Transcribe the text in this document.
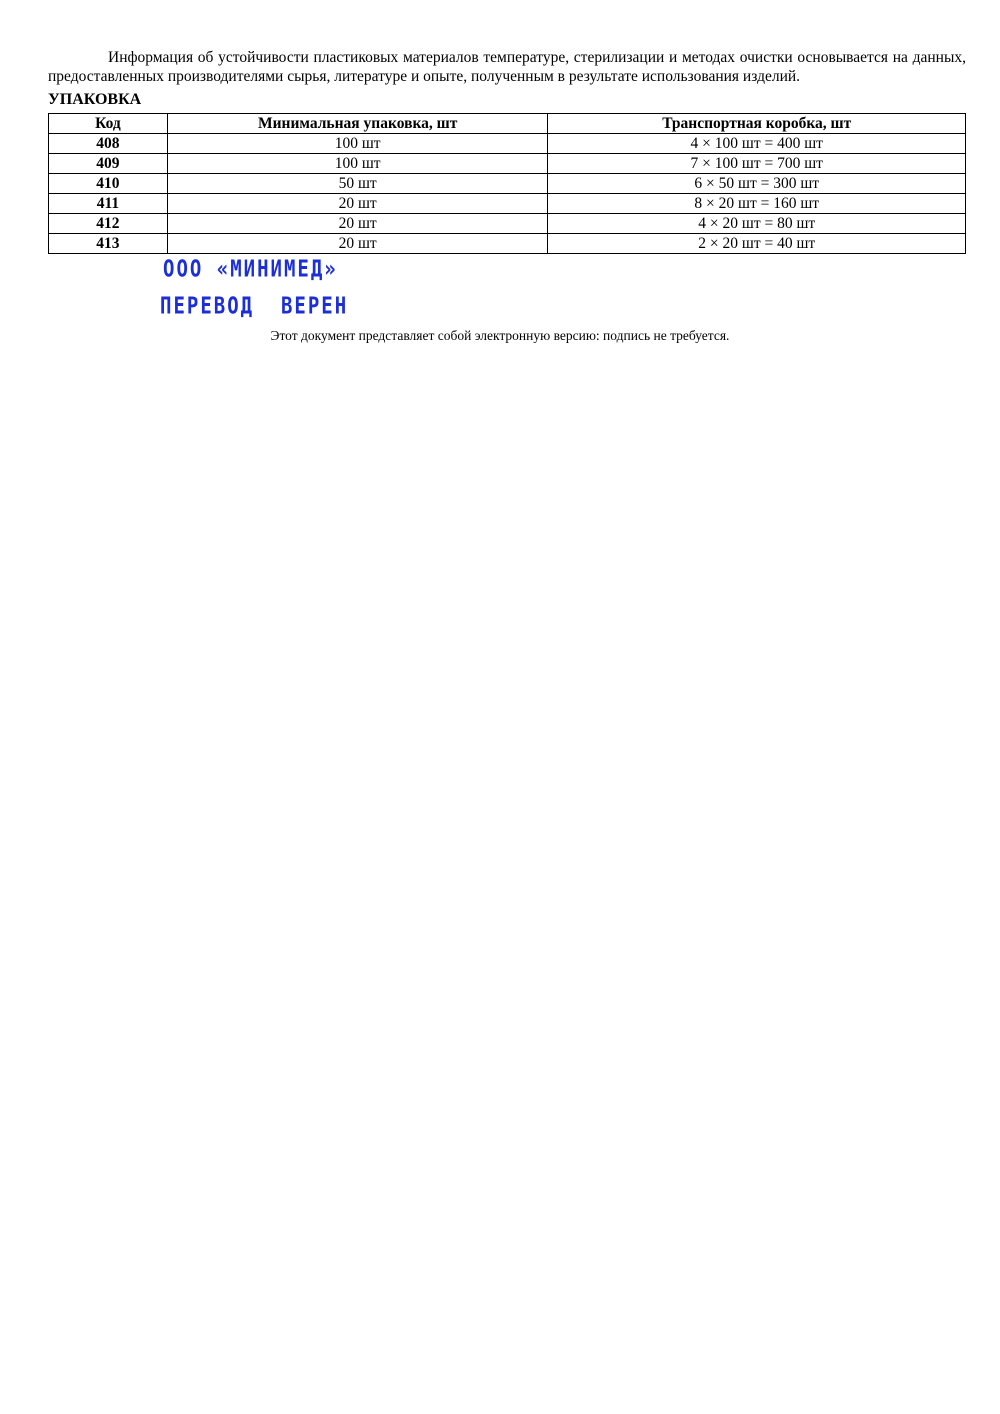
Информация об устойчивости пластиковых материалов температуре, стерилизации и методах очистки основывается на данных, предоставленных производителями сырья, литературе и опыте, полученным в результате использования изделий.

УПАКОВКА

Код	Минимальная упаковка, шт	Транспортная коробка, шт
408	100 шт	4 × 100 шт = 400 шт
409	100 шт	7 × 100 шт = 700 шт
410	50 шт	6 × 50 шт = 300 шт
411	20 шт	8 × 20 шт = 160 шт
412	20 шт	4 × 20 шт = 80 шт
413	20 шт	2 × 20 шт = 40 шт
ООО «МИНИМЕД»
ПЕРЕВОД  ВЕРЕН
Этот документ представляет собой электронную версию: подпись не требуется.
